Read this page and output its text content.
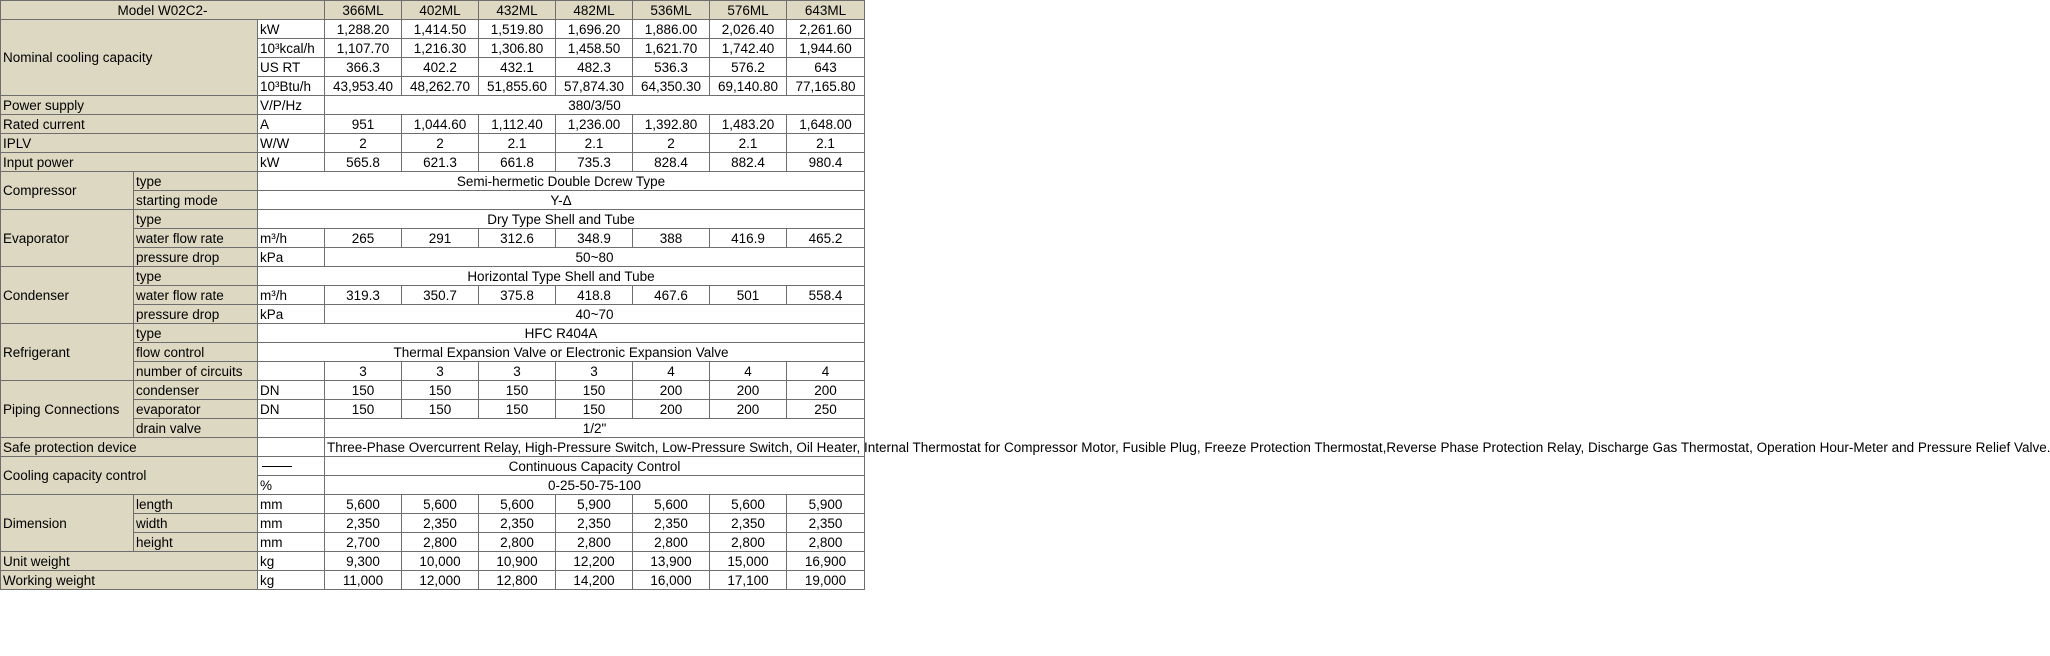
Model W02C2-			366ML	402ML	432ML	482ML	536ML	576ML	643ML
Nominal cooling capacity		kW	1,288.20	1,414.50	1,519.80	1,696.20	1,886.00	2,026.40	2,261.60
		10³kcal/h	1,107.70	1,216.30	1,306.80	1,458.50	1,621.70	1,742.40	1,944.60
		US RT	366.3	402.2	432.1	482.3	536.3	576.2	643
		10³Btu/h	43,953.40	48,262.70	51,855.60	57,874.30	64,350.30	69,140.80	77,165.80
Power supply		V/P/Hz	380/3/50						
Rated current		A	951	1,044.60	1,112.40	1,236.00	1,392.80	1,483.20	1,648.00
IPLV		W/W	2	2	2.1	2.1	2	2.1	2.1
Input power		kW	565.8	621.3	661.8	735.3	828.4	882.4	980.4
Compressor	type	Semi-hermetic Double Dcrew Type							
	starting mode	Y-Δ							
Evaporator	type	Dry Type Shell and Tube							
	water flow rate	m³/h	265	291	312.6	348.9	388	416.9	465.2
	pressure drop	kPa	50~80						
Condenser	type	Horizontal Type Shell and Tube							
	water flow rate	m³/h	319.3	350.7	375.8	418.8	467.6	501	558.4
	pressure drop	kPa	40~70						
Refrigerant	type	HFC R404A							
	flow control	Thermal Expansion Valve or Electronic Expansion Valve							
	number of circuits		3	3	3	3	4	4	4
Piping Connections	condenser	DN	150	150	150	150	200	200	200
	evaporator	DN	150	150	150	150	200	200	250
	drain valve		1/2"						
Safe protection device			Three-Phase Overcurrent Relay, High-Pressure Switch, Low-Pressure Switch, Oil Heater, Internal Thermostat for Compressor Motor, Fusible Plug, Freeze Protection Thermostat,Reverse Phase Protection Relay, Discharge Gas Thermostat, Operation Hour-Meter and Pressure Relief Valve.						
Cooling capacity control			Continuous Capacity Control						
		%	0-25-50-75-100						
Dimension	length	mm	5,600	5,600	5,600	5,900	5,600	5,600	5,900
	width	mm	2,350	2,350	2,350	2,350	2,350	2,350	2,350
	height	mm	2,700	2,800	2,800	2,800	2,800	2,800	2,800
Unit weight		kg	9,300	10,000	10,900	12,200	13,900	15,000	16,900
Working weight		kg	11,000	12,000	12,800	14,200	16,000	17,100	19,000
